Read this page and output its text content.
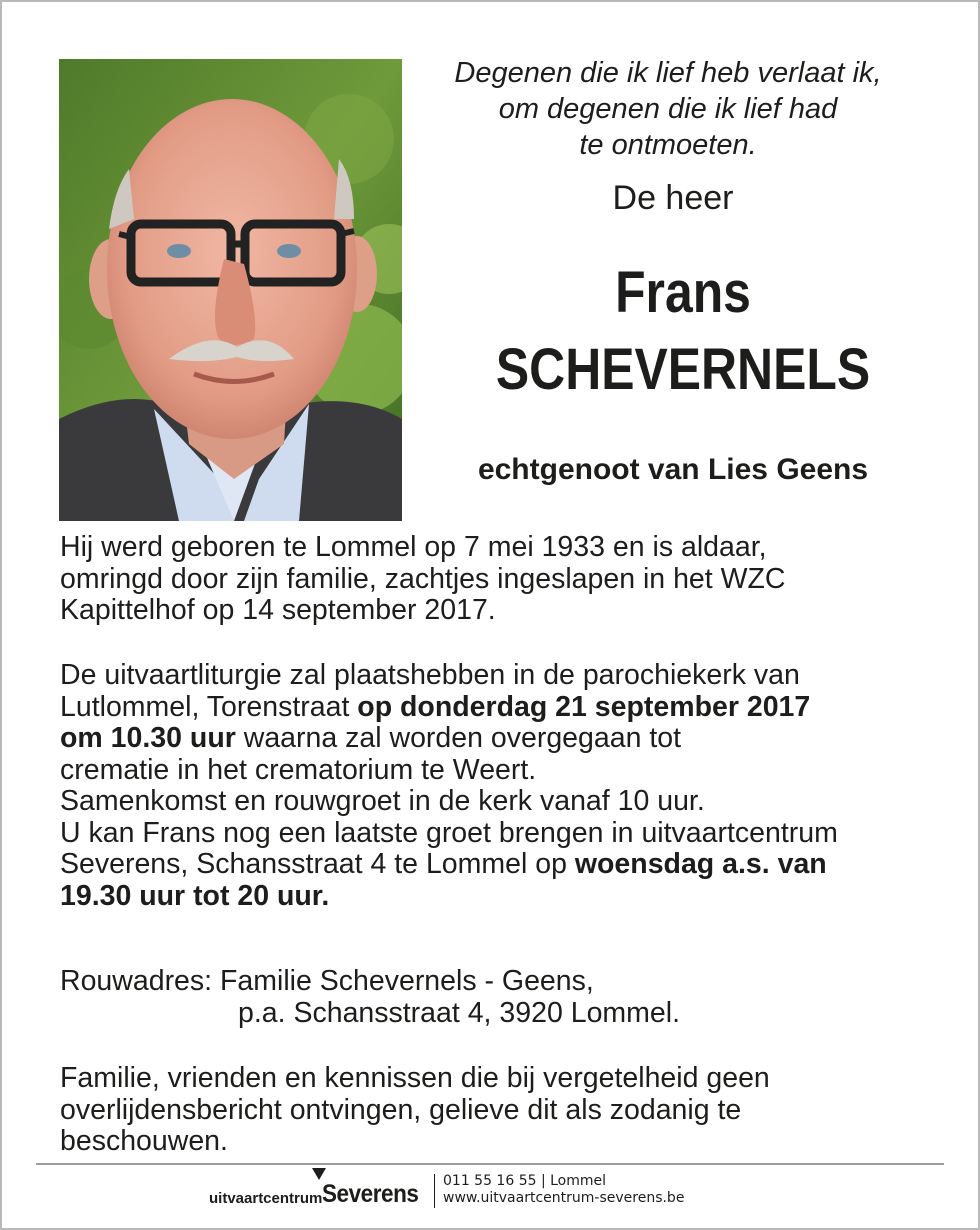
Degenen die ik lief heb verlaat ik,
om degenen die ik lief had
te ontmoeten.
De heer
Frans
SCHEVERNELS
echtgenoot van Lies Geens
Hij werd geboren te Lommel op 7 mei 1933 en is aldaar,
omringd door zijn familie, zachtjes ingeslapen in het WZC
Kapittelhof op 14 september 2017.
De uitvaartliturgie zal plaatshebben in de parochiekerk van
Lutlommel, Torenstraat op donderdag 21 september 2017
om 10.30 uur waarna zal worden overgegaan tot
crematie in het crematorium te Weert.
Samenkomst en rouwgroet in de kerk vanaf 10 uur.
U kan Frans nog een laatste groet brengen in uitvaartcentrum
Severens, Schansstraat 4 te Lommel op woensdag a.s. van
19.30 uur tot 20 uur.
Rouwadres: Familie Schevernels - Geens,
p.a. Schansstraat 4, 3920 Lommel.
Familie, vrienden en kennissen die bij vergetelheid geen
overlijdensbericht ontvingen, gelieve dit als zodanig te
beschouwen.
uitvaartcentrum Severens 011 55 16 55 | Lommel
www.uitvaartcentrum-severens.be
